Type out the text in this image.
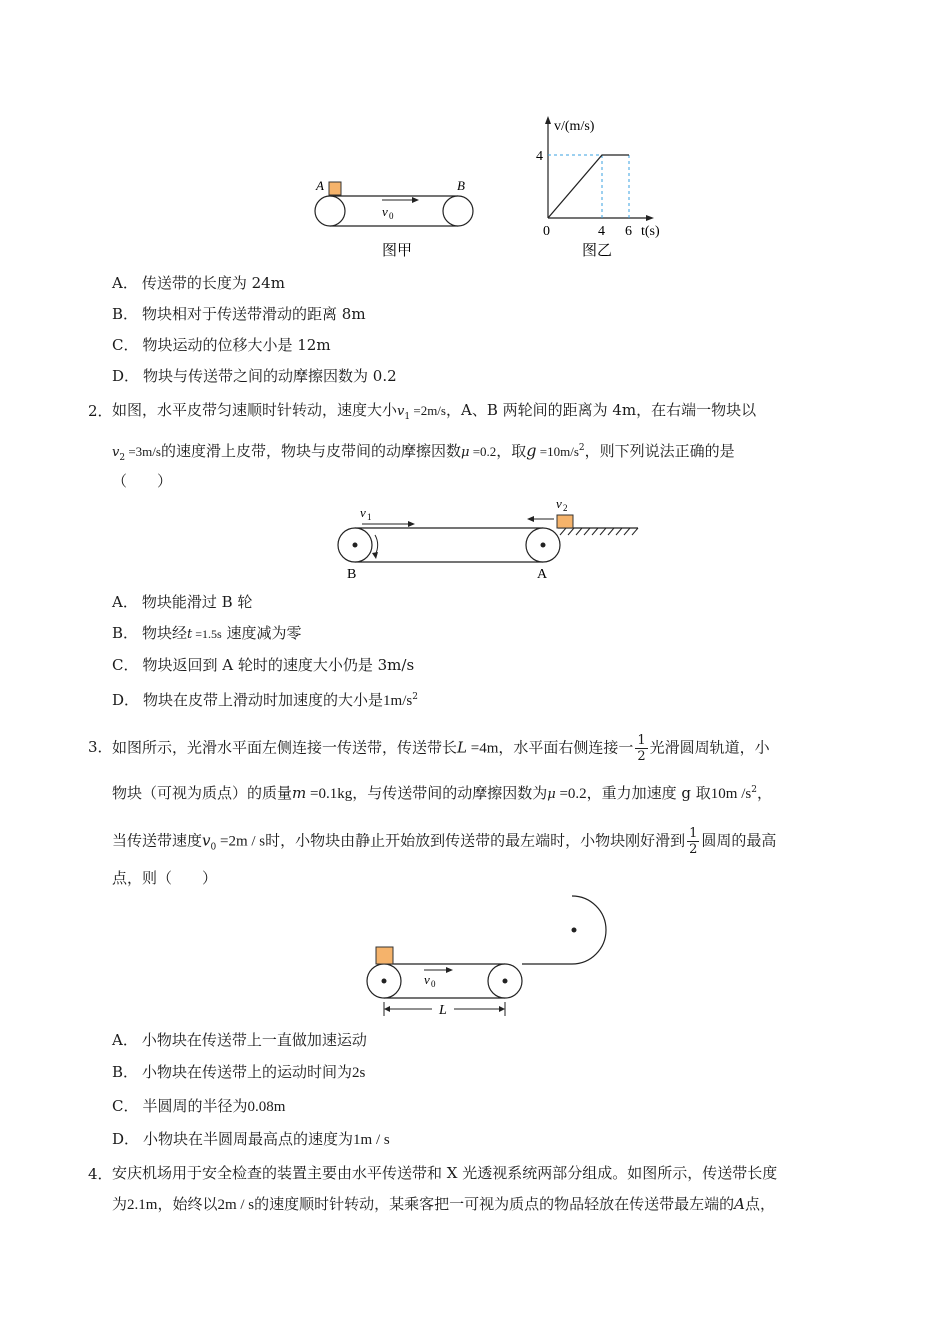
A	B
v 0
图甲
v/(m/s)
4
0	4 6 t(s)
图乙
A． 传送带的长度为 24m
B． 物块相对于传送带滑动的距离 8m
C． 物块运动的位移大小是 12m
D． 物块与传送带之间的动摩擦因数为 0.2
2． 如图，水平皮带匀速顺时针转动，速度大小$v_1 =2m/s$，A、B 两轮间的距离为 4m，在右端一物块以
$v_2 =3m/s$的速度滑上皮带，物块与皮带间的动摩擦因数μ =0.2，取$g =10m/s^2$，则下列说法正确的是
（　　）
v 1
v 2
B	A
A． 物块能滑过 B 轮
B． 物块经t =1.5s 速度减为零
C． 物块返回到 A 轮时的速度大小仍是 3m/s
D． 物块在皮带上滑动时加速度的大小是$1m/s^2$
3． 如图所示，光滑水平面左侧连接一传送带，传送带长L =4m，水平面右侧连接一 $\frac{1}{2}$ 光滑圆周轨道，小
物块（可视为质点）的质量m =0.1kg，与传送带间的动摩擦因数为μ =0.2，重力加速度 g 取10m $/s^2$，
当传送带速度$v_0 =2m / s$时，小物块由静止开始放到传送带的最左端时，小物块刚好滑到 $\frac{1}{2}$ 圆周的最高
点，则（　　）
v 0
L
A． 小物块在传送带上一直做加速运动
B． 小物块在传送带上的运动时间为2s
C． 半圆周的半径为0.08m
D． 小物块在半圆周最高点的速度为1m / s
4． 安庆机场用于安全检查的装置主要由水平传送带和 X 光透视系统两部分组成。如图所示，传送带长度
为2.1m，始终以2m / s的速度顺时针转动，某乘客把一可视为质点的物品轻放在传送带最左端的A点，
